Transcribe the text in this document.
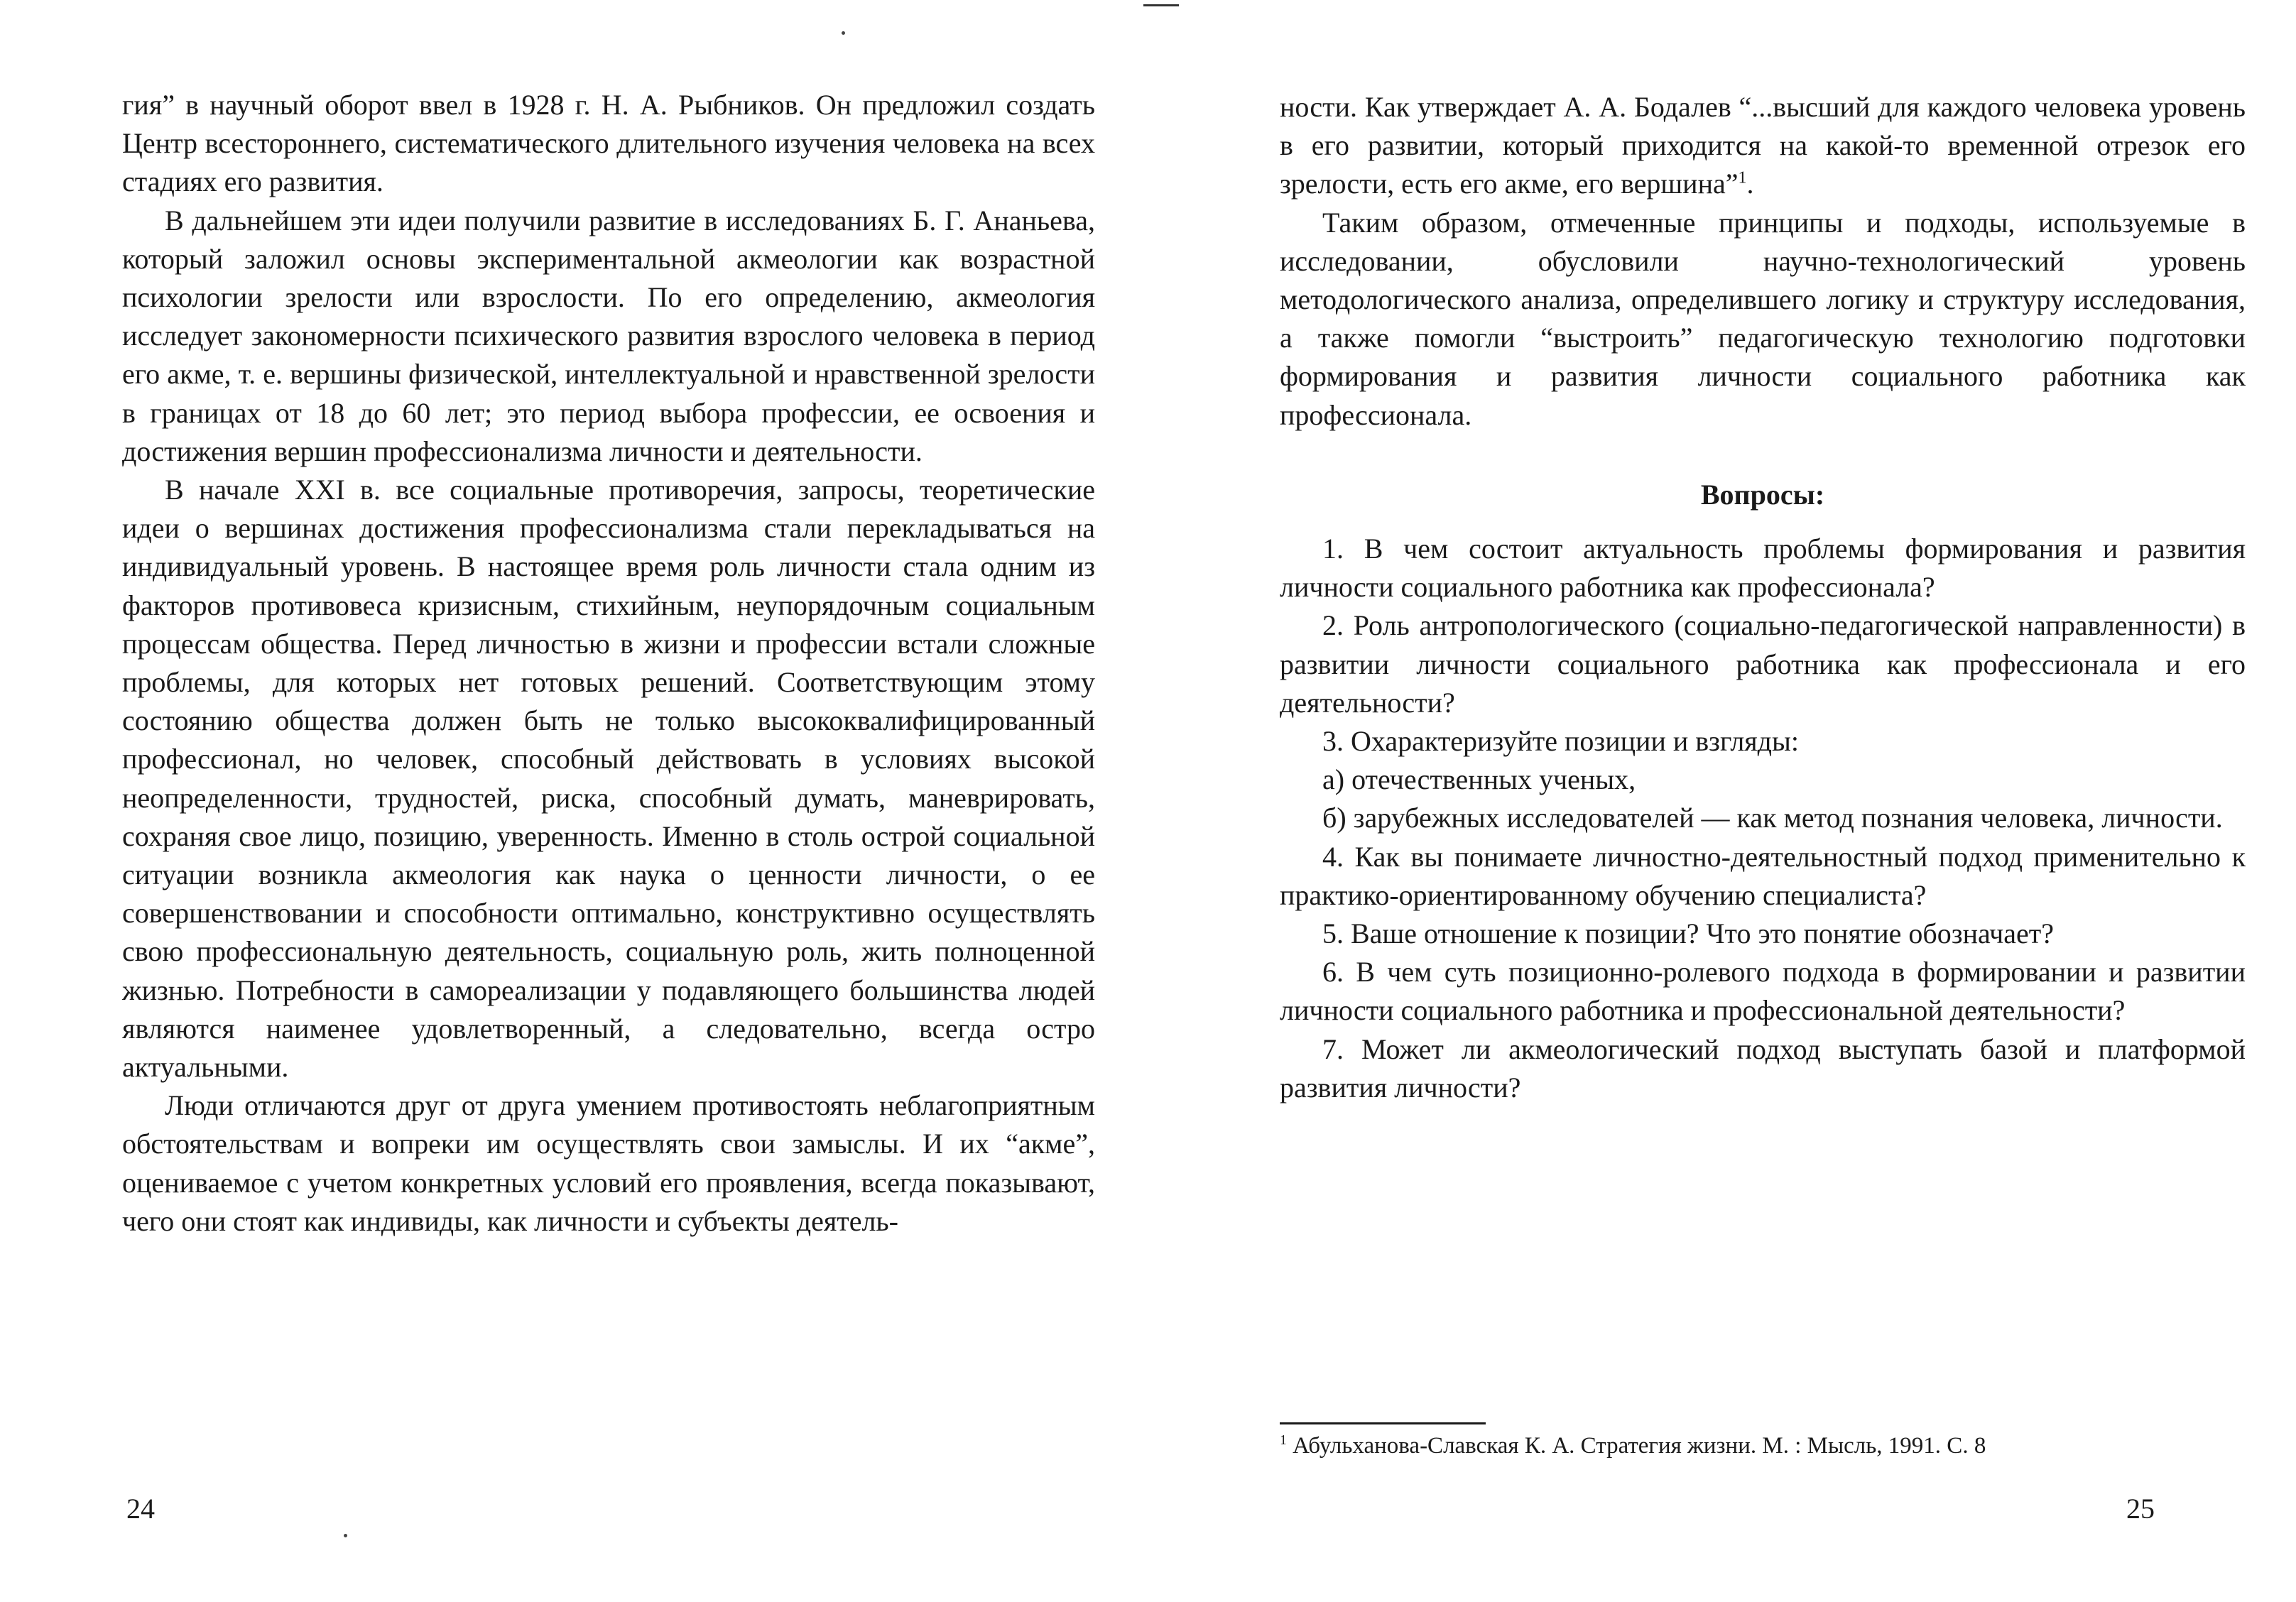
гия” в научный оборот ввел в 1928 г. Н. А. Рыбников. Он предложил создать Центр всестороннего, систематического длительного изучения человека на всех стадиях его развития.

В дальнейшем эти идеи получили развитие в исследованиях Б. Г. Ананьева, который заложил основы экспериментальной акмеологии как возрастной психологии зрелости или взрослости. По его определению, акмеология исследует закономерности психического развития взрослого человека в период его акме, т. е. вершины физической, интеллектуальной и нравственной зрелости в границах от 18 до 60 лет; это период выбора профессии, ее освоения и достижения вершин профессионализма личности и деятельности.

В начале XXI в. все социальные противоречия, запросы, теоретические идеи о вершинах достижения профессионализма стали перекладываться на индивидуальный уровень. В настоящее время роль личности стала одним из факторов противовеса кризисным, стихийным, неупорядочным социальным процессам общества. Перед личностью в жизни и профессии встали сложные проблемы, для которых нет готовых решений. Соответствующим этому состоянию общества должен быть не только высококвалифицированный профессионал, но человек, способный действовать в условиях высокой неопределенности, трудностей, риска, способный думать, маневрировать, сохраняя свое лицо, позицию, уверенность. Именно в столь острой социальной ситуации возникла акмеология как наука о ценности личности, о ее совершенствовании и способности оптимально, конструктивно осуществлять свою профессиональную деятельность, социальную роль, жить полноценной жизнью. Потребности в самореализации у подавляющего большинства людей являются наименее удовлетворенный, а следовательно, всегда остро актуальными.

Люди отличаются друг от друга умением противостоять неблагоприятным обстоятельствам и вопреки им осуществлять свои замыслы. И их “акме”, оцениваемое с учетом конкретных условий его проявления, всегда показывают, чего они стоят как индивиды, как личности и субъекты деятель-

24

ности. Как утверждает А. А. Бодалев “...высший для каждого человека уровень в его развитии, который приходится на какой-то временной отрезок его зрелости, есть его акме, его вершина”$^1$.

Таким образом, отмеченные принципы и подходы, используемые в исследовании, обусловили научно-технологический уровень методологического анализа, определившего логику и структуру исследования, а также помогли “выстроить” педагогическую технологию подготовки формирования и развития личности социального работника как профессионала.

Вопросы:

1. В чем состоит актуальность проблемы формирования и развития личности социального работника как профессионала?

2. Роль антропологического (социально-педагогической направленности) в развитии личности социального работника как профессионала и его деятельности?

3. Охарактеризуйте позиции и взгляды:

а) отечественных ученых,

б) зарубежных исследователей — как метод познания человека, личности.

4. Как вы понимаете личностно-деятельностный подход применительно к практико-ориентированному обучению специалиста?

5. Ваше отношение к позиции? Что это понятие обозначает?

6. В чем суть позиционно-ролевого подхода в формировании и развитии личности социального работника и профессиональной деятельности?

7. Может ли акмеологический подход выступать базой и платформой развития личности?

$^1$ Абульханова-Славская К. А. Стратегия жизни. М. : Мысль, 1991. С. 8
25
